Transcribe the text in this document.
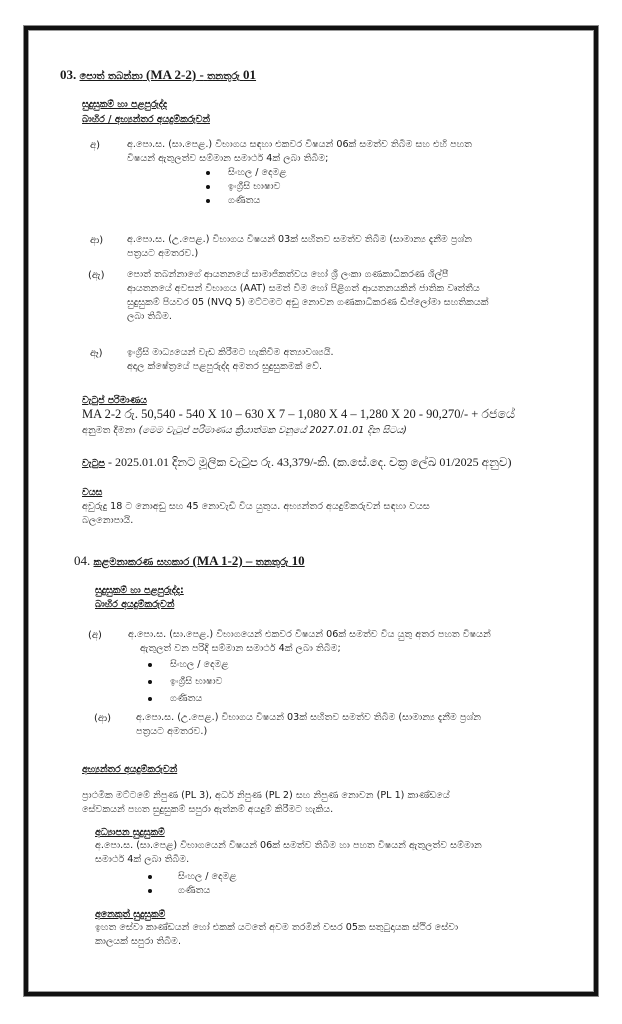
03. පොත් තබන්නා (MA 2-2) - තනතුරු 01
සුදුසුකම් හා පළපුරුද්ද
බාහිර / අභ්‍යන්තර අයදුම්කරුවන්
අ)	අ.පො.ස. (සා.පෙළ.) විභාගය සඳහා එකවර විෂයන් 06ක් සමත්ව තිබීම සහ එහි පහත
විෂයන් ඇතුලත්ව සම්මාන සමාර්ථ 4ක් ලබා තිබීම;
සිංහල / දෙමළ
ඉංග්‍රීසි භාෂාව
ගණිතය
ආ) අ.පො.ස. (උ.පෙළ.) විභාගය විෂයන් 03ක් සහිතව සමත්ව තිබීම (සාමාන්‍ය දැනීම ප්‍රශ්න
පත්‍රයට අමතරව.)
(ඇ) පොත් තබන්නාගේ ආයතනයේ සාමාජිකත්වය හෝ ශ්‍රී ලංකා ගණකාධිකරණ ශිල්පී
ආයතනයේ අවසන් විභාගය (AAT) සමත් වීම හෝ පිළිගත් ආයතනයකින් ජාතික වෘත්තීය
සුදුසුකම් පියවර 05 (NVQ 5) මට්ටමට අඩු නොවන ගණකාධිකරණ ඩිප්ලෝමා සහතිකයක්
ලබා තිබීම.
ඈ)	ඉංග්‍රීසි මාධ්‍යයෙන් වැඩ කිරීමට හැකිවීම අත්‍යාවශ්‍යයි.
අදාල ක්ෂේත්‍රයේ පළපුරුද්ද අමතර සුදුසුකමක් වේ.
වැටුප් පරිමාණය
MA 2-2 රු. 50,540 - 540 X 10 – 630 X 7 – 1,080 X 4 – 1,280 X 20 - 90,270/- + රජයේ
අනුමත දීමනා (මෙම වැටුප් පරිමාණය ක්‍රියාත්මක වනුයේ 2027.01.01 දින සිටය)
වැටුප - 2025.01.01 දිනට මූලික වැටුප රු. 43,379/-කි. (ක.සේ.දෙ. චක්‍ර ලේඛ 01/2025 අනුව)
වයස
අවුරුදු 18 ට නොඅඩු සහ 45 නොවැඩි විය යුතුය. අභ්‍යන්තර අයදුම්කරුවන් සඳහා වයස
බලනොපායි.
04. කළමනාකරණ සහකාර (MA 1-2) – තනතුරු 10
සුදුසුකම් හා පළපුරුද්ද:
බාහිර අයදුම්කරුවන්
(අ)	අ.පො.ස. (සා.පෙළ.) විභාගයෙන් එකවර විෂයන් 06ක් සමත්ව විය යුතු අතර පහත විෂයන්
ඇතුලත් වන පරිදි සම්මාන සමාර්ථ 4ක් ලබා තිබීම;
සිංහල / දෙමළ
ඉංග්‍රීසි භාෂාව
ගණිතය
(ආ)	අ.පො.ස. (උ.පෙළ.) විභාගය විෂයන් 03ක් සහිතව සමත්ව තිබීම (සාමාන්‍ය දැනීම ප්‍රශ්න
පත්‍රයට අමතරව.)
අභ්‍යන්තර අයදුම්කරුවන්
ප්‍රාථමික මට්ටමේ නිපුණ (PL 3), අර්ධ නිපුණ (PL 2) සහ නිපුණ නොවන (PL 1) කාණ්ඩයේ
සේවකයන් පහත සුදුසුකම් සපුරා ඇත්නම් අයදුම් කිරීමට හැකිය.
අධ්‍යාපන සුදුසුකම්
අ.පො.ස. (සා.පෙළ) විභාගයෙන් විෂයන් 06ක් සමත්ව තිබීම හා පහත විෂයන් ඇතුලත්ව සම්මාන
සමාර්ථ 4ක් ලබා තිබීම.
සිංහල / දෙමළ
ගණිතය
අනෙකුත් සුදුසුකම්
ඉහත සේවා කාණ්ඩයන් හෝ එකක් යටතේ අවම තරමින් වසර 05ක සතුටුදායක ස්ථිර සේවා
කාලයක් සපුරා තිබීම.
